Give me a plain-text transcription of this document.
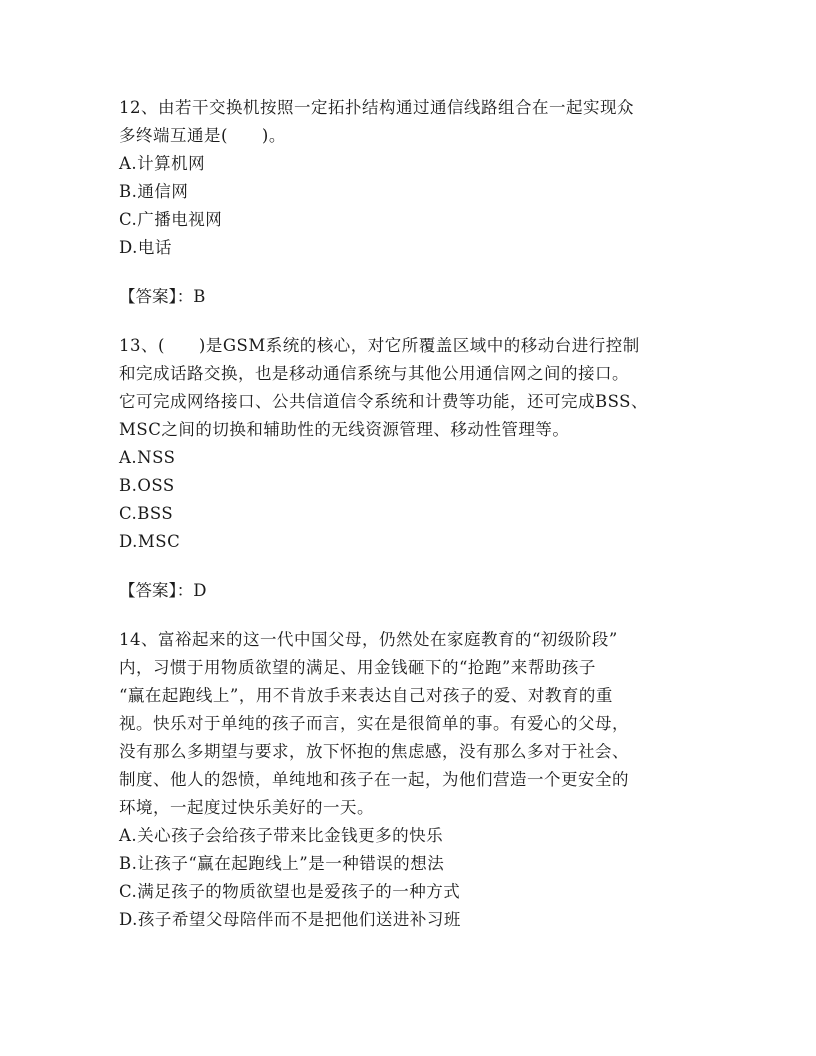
12、由若干交换机按照一定拓扑结构通过通信线路组合在一起实现众
多终端互通是(　　)。
A.计算机网
B.通信网
C.广播电视网
D.电话
【答案】：B
13、(　　)是GSM系统的核心，对它所覆盖区域中的移动台进行控制
和完成话路交换，也是移动通信系统与其他公用通信网之间的接口。
它可完成网络接口、公共信道信令系统和计费等功能，还可完成BSS、
MSC之间的切换和辅助性的无线资源管理、移动性管理等。
A.NSS
B.OSS
C.BSS
D.MSC
【答案】：D
14、富裕起来的这一代中国父母，仍然处在家庭教育的“初级阶段”
内，习惯于用物质欲望的满足、用金钱砸下的“抢跑”来帮助孩子
“赢在起跑线上”，用不肯放手来表达自己对孩子的爱、对教育的重
视。快乐对于单纯的孩子而言，实在是很简单的事。有爱心的父母，
没有那么多期望与要求，放下怀抱的焦虑感，没有那么多对于社会、
制度、他人的怨愤，单纯地和孩子在一起，为他们营造一个更安全的
环境，一起度过快乐美好的一天。
A.关心孩子会给孩子带来比金钱更多的快乐
B.让孩子“赢在起跑线上”是一种错误的想法
C.满足孩子的物质欲望也是爱孩子的一种方式
D.孩子希望父母陪伴而不是把他们送进补习班
